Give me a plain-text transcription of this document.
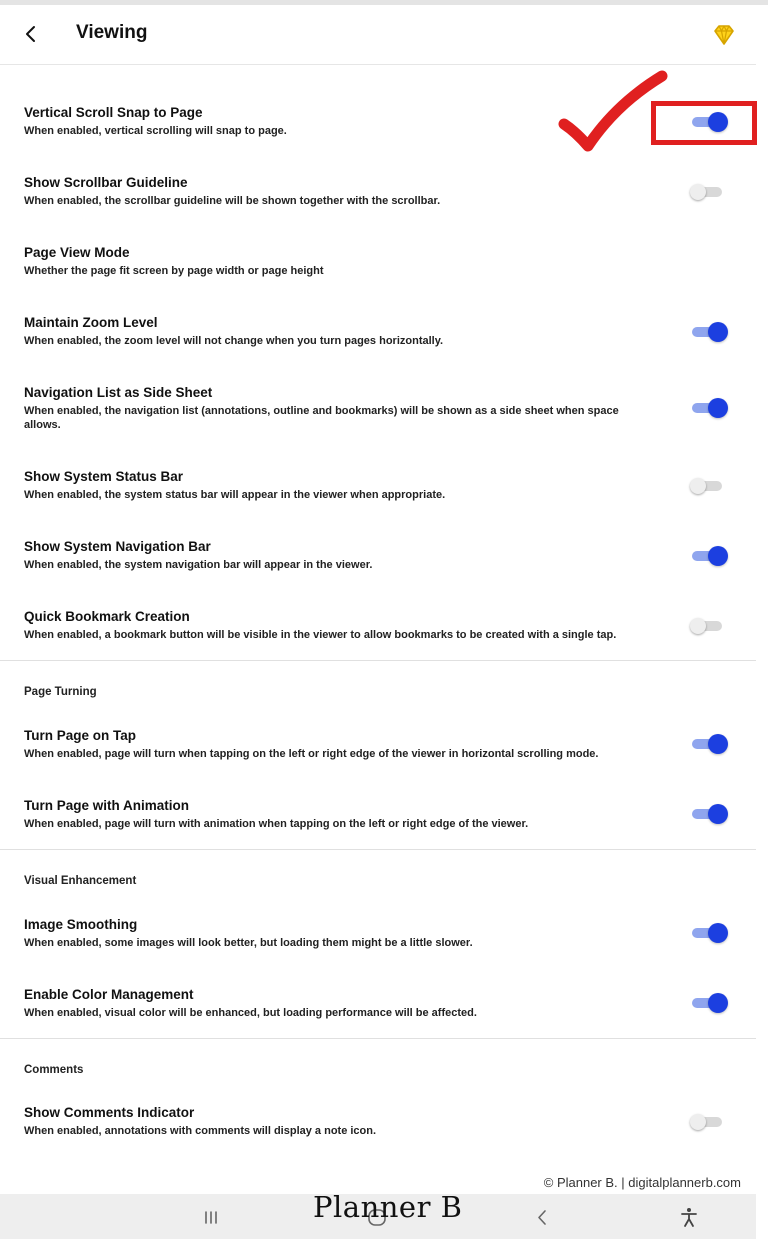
Viewing
Vertical Scroll Snap to Page
When enabled, vertical scrolling will snap to page.
Show Scrollbar Guideline
When enabled, the scrollbar guideline will be shown together with the scrollbar.
Page View Mode
Whether the page fit screen by page width or page height
Maintain Zoom Level
When enabled, the zoom level will not change when you turn pages horizontally.
Navigation List as Side Sheet
When enabled, the navigation list (annotations, outline and bookmarks) will be shown as a side sheet when space allows.
Show System Status Bar
When enabled, the system status bar will appear in the viewer when appropriate.
Show System Navigation Bar
When enabled, the system navigation bar will appear in the viewer.
Quick Bookmark Creation
When enabled, a bookmark button will be visible in the viewer to allow bookmarks to be created with a single tap.
Page Turning
Turn Page on Tap
When enabled, page will turn when tapping on the left or right edge of the viewer in horizontal scrolling mode.
Turn Page with Animation
When enabled, page will turn with animation when tapping on the left or right edge of the viewer.
Visual Enhancement
Image Smoothing
When enabled, some images will look better, but loading them might be a little slower.
Enable Color Management
When enabled, visual color will be enhanced, but loading performance will be affected.
Comments
Show Comments Indicator
When enabled, annotations with comments will display a note icon.
© Planner B. | digitalplannerb.com
Planner B
